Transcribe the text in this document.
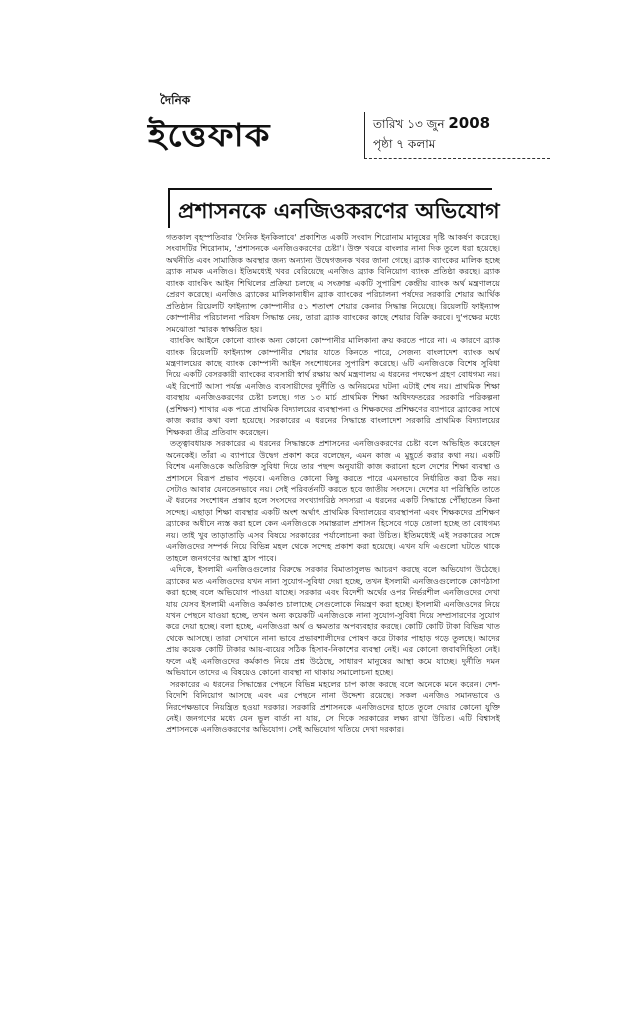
দৈনিক
ইত্তেফাক	তারিখ ১৩ জুন 2008
পৃষ্ঠা ৭ কলাম
প্রশাসনকে এনজিওকরণের অভিযোগ

গতকাল বৃহস্পতিবার 'দৈনিক ইনকিলাবে' প্রকাশিত একটি সংবাদ শিরোনাম মানুষের দৃষ্টি আকর্ষণ করেছে। সংবাদটির শিরোনাম, 'প্রশাসনকে এনজিওকরণের চেষ্টা'। উক্ত খবরে বাংলার নানা দিক তুলে ধরা হয়েছে। অর্থনীতি এবং সামাজিক অবস্থার জন্য অন্যান্য উদ্বেগজনক খবর জানা গেছে। ব্র্যাক ব্যাংকের মালিক হচ্ছে ব্র্যাক নামক এনজিও। ইতিমধ্যেই খবর বেরিয়েছে এনজিও ব্র্যাক বিনিয়োগ ব্যাংক প্রতিষ্ঠা করছে। ব্র্যাক ব্যাংক ব্যাংকিং আইন শিথিলের প্রক্রিয়া চলছে এ সংক্রান্ত একটি সুপারিশ কেন্দ্রীয় ব্যাংক অর্থ মন্ত্রণালয়ে প্রেরণ করেছে। এনজিও ব্র্যাকের মালিকানাধীন ব্র্যাক ব্যাংকের পরিচালনা পর্ষদের সরকারি শেয়ার আর্থিক প্রতিষ্ঠান রিয়েলটি ফাইন্যান্স কোম্পানীর ৫১ শতাংশ শেয়ার কেনার সিদ্ধান্ত নিয়েছে। রিয়েলটি ফাইন্যান্স কোম্পানীর পরিচালনা পরিষদ সিদ্ধান্ত নেয়, তারা ব্র্যাক ব্যাংকের কাছে শেয়ার বিক্রি করবে। দু'পক্ষের মধ্যে সমঝোতা স্মারক স্বাক্ষরিত হয়।

ব্যাংকিং আইনে কোনো ব্যাংক অন্য কোনো কোম্পানীর মালিকানা ক্রয় করতে পারে না। এ কারণে ব্র্যাক ব্যাংক রিয়েলটি ফাইন্যান্স কোম্পানীর শেয়ার যাতে কিনতে পারে, সেজন্য বাংলাদেশ ব্যাংক অর্থ মন্ত্রণালয়ের কাছে ব্যাংক কোম্পানী আইন সংশোধনের সুপারিশ করেছে। ৬টি এনজিওকে বিশেষ সুবিধা দিয়ে একটি বেসরকারী ব্যাংকের ব্যবসায়ী স্বার্থ রক্ষায় অর্থ মন্ত্রণালয় এ ধরনের পদক্ষেপ গ্রহণ বোধগম্য নয়। এই রিপোর্ট আসা পর্যন্ত এনজিও ব্যবসায়ীদের দুর্নীতি ও অনিয়মের ঘটনা এটাই শেষ নয়। প্রাথমিক শিক্ষা ব্যবস্থায় এনজিওকরণের চেষ্টা চলছে। গত ১৩ মার্চ প্রাথমিক শিক্ষা অধিদফতরের সরকারি পরিকল্পনা (প্রশিক্ষণ) শাখার এক পত্রে প্রাথমিক বিদ্যালয়ের ব্যবস্থাপনা ও শিক্ষকদের প্রশিক্ষণের ব্যাপারে ব্র্যাকের সাথে কাজ করার কথা বলা হয়েছে। সরকারের এ ধরনের সিদ্ধান্তে বাংলাদেশ সরকারি প্রাথমিক বিদ্যালয়ের শিক্ষকরা তীব্র প্রতিবাদ করেছেন।

তত্ত্বাবধায়ক সরকারের এ ধরনের সিদ্ধান্তকে প্রশাসনের এনজিওকরণের চেষ্টা বলে অভিহিত করেছেন অনেকেই। তাঁরা এ ব্যাপারে উদ্বেগ প্রকাশ করে বলেছেন, এমন কাজ এ মুহূর্তে করার কথা নয়। একটি বিশেষ এনজিওকে অতিরিক্ত সুবিধা দিয়ে তার পছন্দ অনুযায়ী কাজ করানো হলে দেশের শিক্ষা ব্যবস্থা ও প্রশাসনে বিরূপ প্রভাব পড়বে। এনজিও কোনো কিছু করতে পারে এমনভাবে নির্ধারিত করা ঠিক নয়। সেটাও আবার যেনতেনভাবে নয়। সেই পরিবর্তনটি করতে হবে জাতীয় সংসদে। দেশের যা পরিস্থিতি তাতে ঐ ধরনের সংশোধন প্রস্তাব হলে সংসদের সংখ্যাগরিষ্ঠ সদস্যরা এ ধরনের একটি সিদ্ধান্তে পৌঁছাতেন কিনা সন্দেহ। এছাড়া শিক্ষা ব্যবস্থার একটি অংশ অর্থাৎ প্রাথমিক বিদ্যালয়ের ব্যবস্থাপনা এবং শিক্ষকদের প্রশিক্ষণ ব্র্যাকের অধীনে ন্যস্ত করা হলে কেন এনজিওকে সমান্তরাল প্রশাসন হিসেবে গড়ে তোলা হচ্ছে তা বোধগম্য নয়। তাই খুব তাড়াতাড়ি এসব বিষয়ে সরকারের পর্যালোচনা করা উচিত। ইতিমধ্যেই এই সরকারের সঙ্গে এনজিওদের সম্পর্ক নিয়ে বিভিন্ন মহল থেকে সন্দেহ প্রকাশ করা হয়েছে। এখন যদি এগুলো ঘটতে থাকে তাহলে জনগণের আস্থা হ্রাস পাবে।

এদিকে, ইসলামী এনজিওগুলোর বিরুদ্ধে সরকার বিমাতাসুলভ আচরণ করছে বলে অভিযোগ উঠেছে। ব্র্যাকের মত এনজিওদের যখন নানা সুযোগ-সুবিধা দেয়া হচ্ছে, তখন ইসলামী এনজিওগুলোকে কোণঠাসা করা হচ্ছে বলে অভিযোগ পাওয়া যাচ্ছে। সরকার এবং বিদেশী অর্থের ওপর নির্ভরশীল এনজিওদের দেখা যায় যেসব ইসলামী এনজিও কর্মকাণ্ড চালাচ্ছে সেগুলোকে নিয়ন্ত্রণ করা হচ্ছে। ইসলামী এনজিওদের নিয়ে যখন পেছনে যাওয়া হচ্ছে, তখন অন্য কয়েকটি এনজিওকে নানা সুযোগ-সুবিধা দিয়ে সম্প্রসারণের সুযোগ করে দেয়া হচ্ছে। বলা হচ্ছে, এনজিওরা অর্থ ও ক্ষমতার অপব্যবহার করছে। কোটি কোটি টাকা বিভিন্ন খাত থেকে আসছে। তারা সেখানে নানা ভাবে প্রভাবশালীদের পোষণ করে টাকার পাহাড় গড়ে তুলছে। আদের প্রায় কয়েক কোটি টাকার আয়-ব্যয়ের সঠিক হিসাব-নিকাশের ব্যবস্থা নেই। এর কোনো জবাবদিহিতা নেই। ফলে এই এনজিওদের কর্মকাণ্ড নিয়ে প্রশ্ন উঠেছে, সাধারণ মানুষের আস্থা কমে যাচ্ছে। দুর্নীতি দমন অভিযানে তাদের এ বিষয়েও কোনো ব্যবস্থা না থাকায় সমালোচনা হচ্ছে।

সরকারের এ ধরনের সিদ্ধান্তের পেছনে বিভিন্ন মহলের চাপ কাজ করছে বলে অনেকে মনে করেন। দেশ-বিদেশি বিনিয়োগ আসছে এবং এর পেছনে নানা উদ্দেশ্য রয়েছে। সকল এনজিও সমানভাবে ও নিরপেক্ষভাবে নিয়ন্ত্রিত হওয়া দরকার। সরকারি প্রশাসনকে এনজিওদের হাতে তুলে দেয়ার কোনো যুক্তি নেই। জনগণের মধ্যে যেন ভুল বার্তা না যায়, সে দিকে সরকারের লক্ষ্য রাখা উচিত। এটি বিশ্বাসই প্রশাসনকে এনজিওকরণের অভিযোগ। সেই অভিযোগ খতিয়ে দেখা দরকার।
